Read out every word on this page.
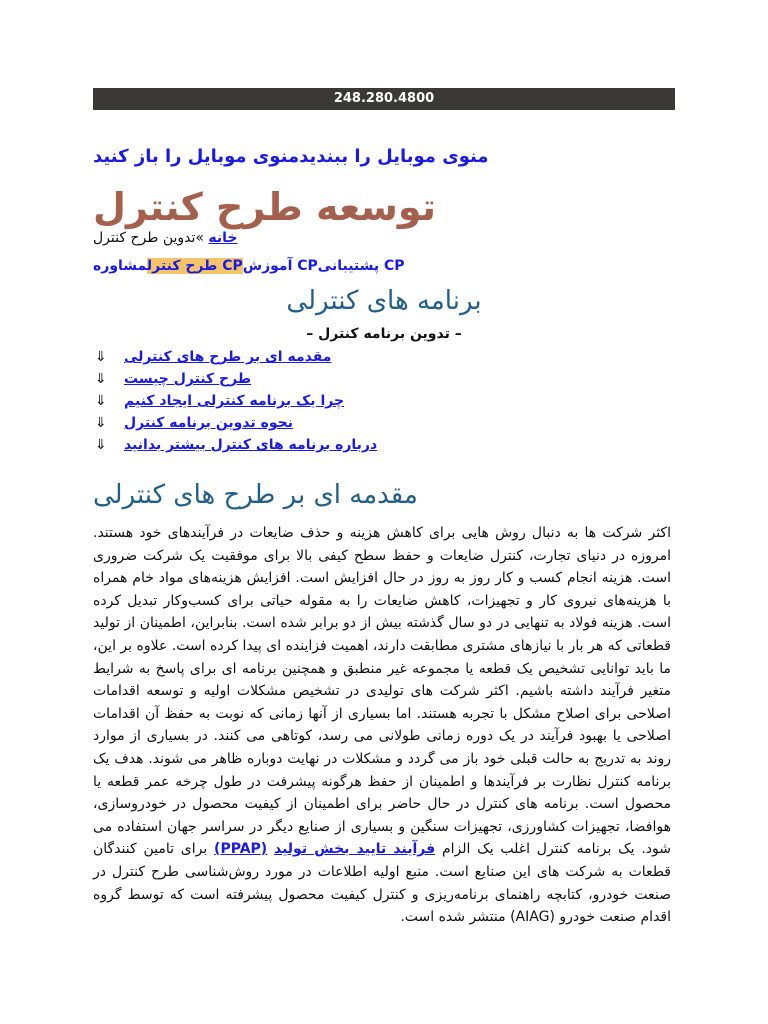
248.280.4800
منوی موبایل را ببندیدمنوی موبایل را باز کنید
توسعه طرح کنترل
خانه »تدوین طرح کنترل
CP پشتیبانیCP آموزشCP طرح کنترلمشاوره
برنامه های کنترلی
– تدوین برنامه کنترل –
⇓ مقدمه ای بر طرح های کنترلی
⇓ طرح کنترل چیست
⇓ چرا یک برنامه کنترلی ایجاد کنیم
⇓ نحوه تدوین برنامه کنترل
⇓ درباره برنامه های کنترل بیشتر بدانید
مقدمه ای بر طرح های کنترلی
اکثر شرکت ها به دنبال روش هایی برای کاهش هزینه و حذف ضایعات در فرآیندهای خود هستند. امروزه در دنیای تجارت، کنترل ضایعات و حفظ سطح کیفی بالا برای موفقیت یک شرکت ضروری است. هزینه انجام کسب و کار روز به روز در حال افزایش است. افزایش هزینه‌های مواد خام همراه با هزینه‌های نیروی کار و تجهیزات، کاهش ضایعات را به مقوله حیاتی برای کسب‌وکار تبدیل کرده است. هزینه فولاد به تنهایی در دو سال گذشته بیش از دو برابر شده است. بنابراین، اطمینان از تولید قطعاتی که هر بار با نیازهای مشتری مطابقت دارند، اهمیت فزاینده ای پیدا کرده است. علاوه بر این، ما باید توانایی تشخیص یک قطعه یا مجموعه غیر منطبق و همچنین برنامه ای برای پاسخ به شرایط متغیر فرآیند داشته باشیم. اکثر شرکت های تولیدی در تشخیص مشکلات اولیه و توسعه اقدامات اصلاحی برای اصلاح مشکل با تجربه هستند. اما بسیاری از آنها زمانی که نوبت به حفظ آن اقدامات اصلاحی یا بهبود فرآیند در یک دوره زمانی طولانی می رسد، کوتاهی می کنند. در بسیاری از موارد روند به تدریج به حالت قبلی خود باز می گردد و مشکلات در نهایت دوباره ظاهر می شوند. هدف یک برنامه کنترل نظارت بر فرآیندها و اطمینان از حفظ هرگونه پیشرفت در طول چرخه عمر قطعه یا محصول است. برنامه های کنترل در حال حاضر برای اطمینان از کیفیت محصول در خودروسازی، هوافضا، تجهیزات کشاورزی، تجهیزات سنگین و بسیاری از صنایع دیگر در سراسر جهان استفاده می شود. یک برنامه کنترل اغلب یک الزام فرآیند تایید بخش تولید (PPAP) برای تامین کنندگان قطعات به شرکت های این صنایع است. منبع اولیه اطلاعات در مورد روش‌شناسی طرح کنترل در صنعت خودرو، کتابچه راهنمای برنامه‌ریزی و کنترل کیفیت محصول پیشرفته است که توسط گروه اقدام صنعت خودرو (AIAG) منتشر شده است.
